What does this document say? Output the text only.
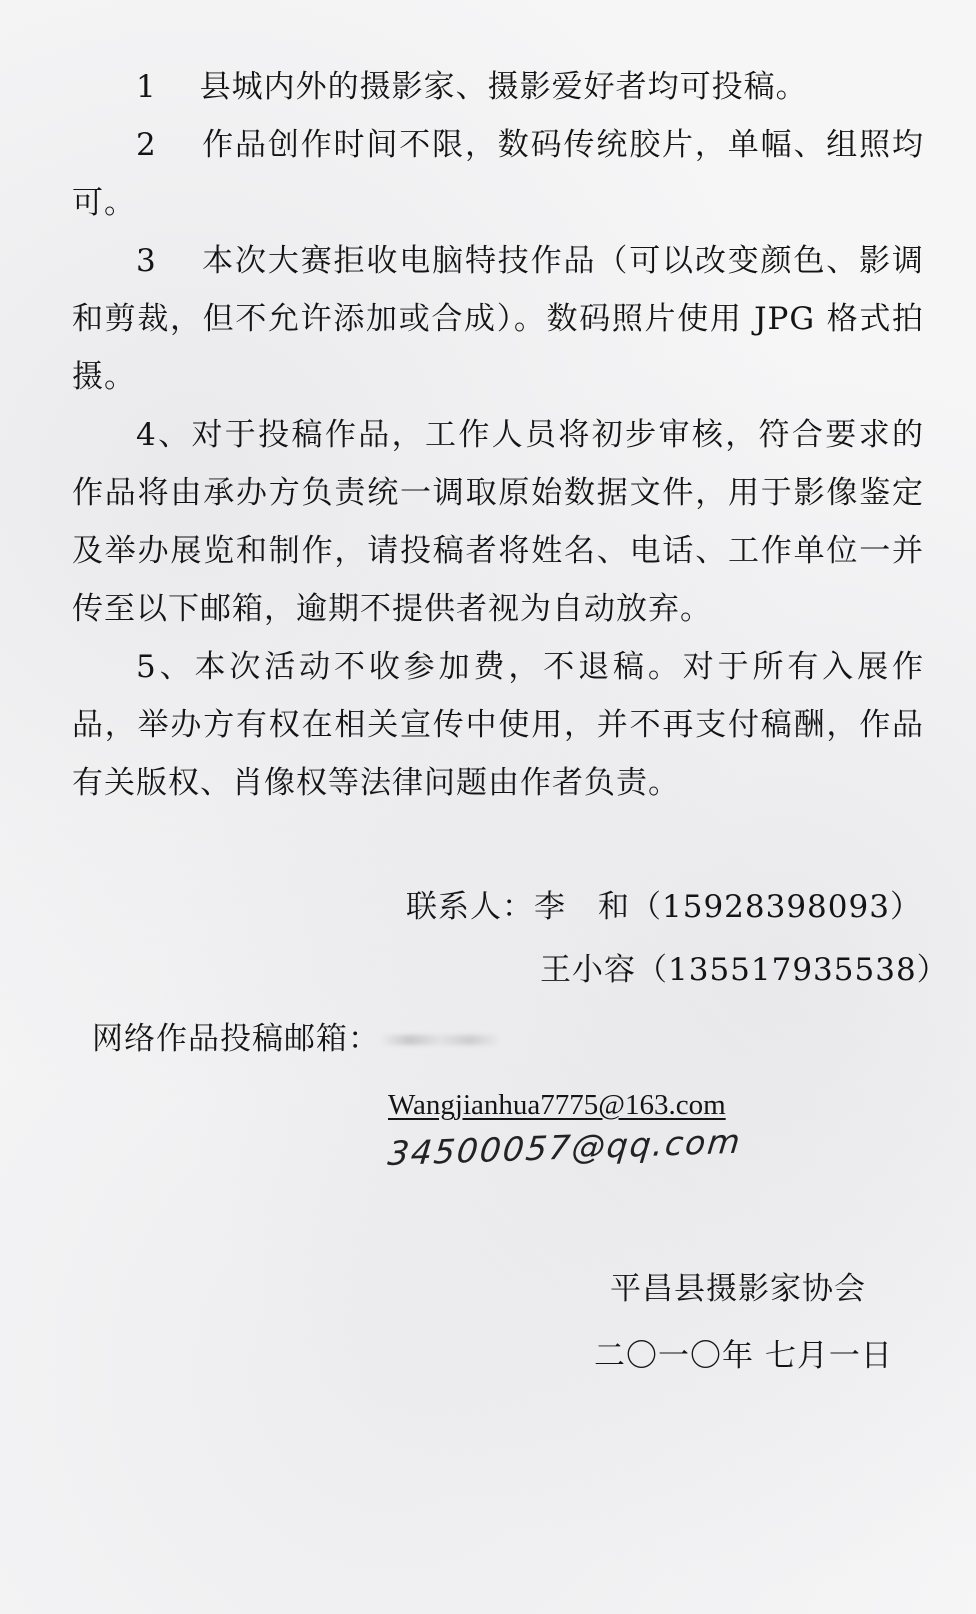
1　 县城内外的摄影家、摄影爱好者均可投稿。

2　 作品创作时间不限，数码传统胶片，单幅、组照均可。

3　 本次大赛拒收电脑特技作品（可以改变颜色、影调和剪裁，但不允许添加或合成）。数码照片使用 JPG 格式拍摄。

4、对于投稿作品，工作人员将初步审核，符合要求的作品将由承办方负责统一调取原始数据文件，用于影像鉴定及举办展览和制作，请投稿者将姓名、电话、工作单位一并传至以下邮箱，逾期不提供者视为自动放弃。

5、本次活动不收参加费，不退稿。对于所有入展作品，举办方有权在相关宣传中使用，并不再支付稿酬，作品有关版权、肖像权等法律问题由作者负责。

联系人：李　和（15928398093）
王小容（135517935538）
网络作品投稿邮箱：
Wangjianhua7775@163.com
34500057@qq.com
平昌县摄影家协会
二〇一〇年 七月一日
